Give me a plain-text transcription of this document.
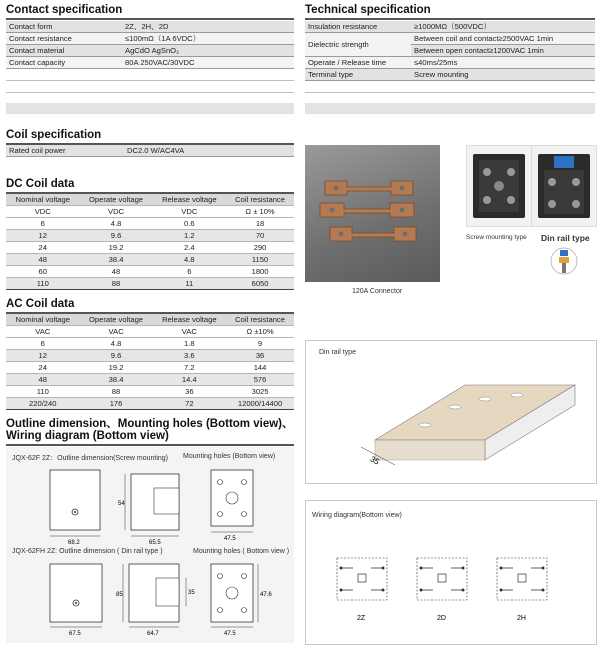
Contact specification
Contact form	2Z、2H、2D
Contact resistance	≤100mΩ（1A 6VDC）
Contact material	AgCdO AgSnO₂
Contact capacity	80A 250VAC/30VDC
Technical specification
Insulation resistance	≥1000MΩ（500VDC）
Dielectric strength	Between coil and contact≥2500VAC 1min
	Between open contact≥1200VAC 1min
Operate / Release time	≤40ms/25ms
Terminal type	Screw mounting
Coil specification
Rated coil power	DC2.0 W/AC4VA
DC Coil data
Nominal voltage	Operate voltage	Release voltage	Coil resistance
VDC	VDC	VDC	Ω ± 10%
6	4.8	0.6	18
12	9.6	1.2	70
24	19.2	2.4	290
48	38.4	4.8	1150
60	48	6	1800
110	88	11	6050
AC Coil data
Nominal voltage	Operate voltage	Release voltage	Coil resistance
VAC	VAC	VAC	Ω ±10%
6	4.8	1.8	9
12	9.6	3.6	36
24	19.2	7.2	144
48	38.4	14.4	576
110	88	36	3025
220/240	176	72	12000/14400
Outline dimension、Mounting holes (Bottom view)、
Wiring diagram (Bottom view)
JQX-62F 2Z：Outline dimension(Screw mounting) Mounting holes (Bottom view)
JQX-62FH 2Z: Outline dimension ( Din rail type )	Mounting holes ( Bottom view )
68.2	65.5
54
47.5
67.5	64.7
85	35
47.5
47.6
120A Connector
Screw mounting type Din rail type
Din rail type
35
Wiring diagram(Bottom view)
2Z	2D	2H
